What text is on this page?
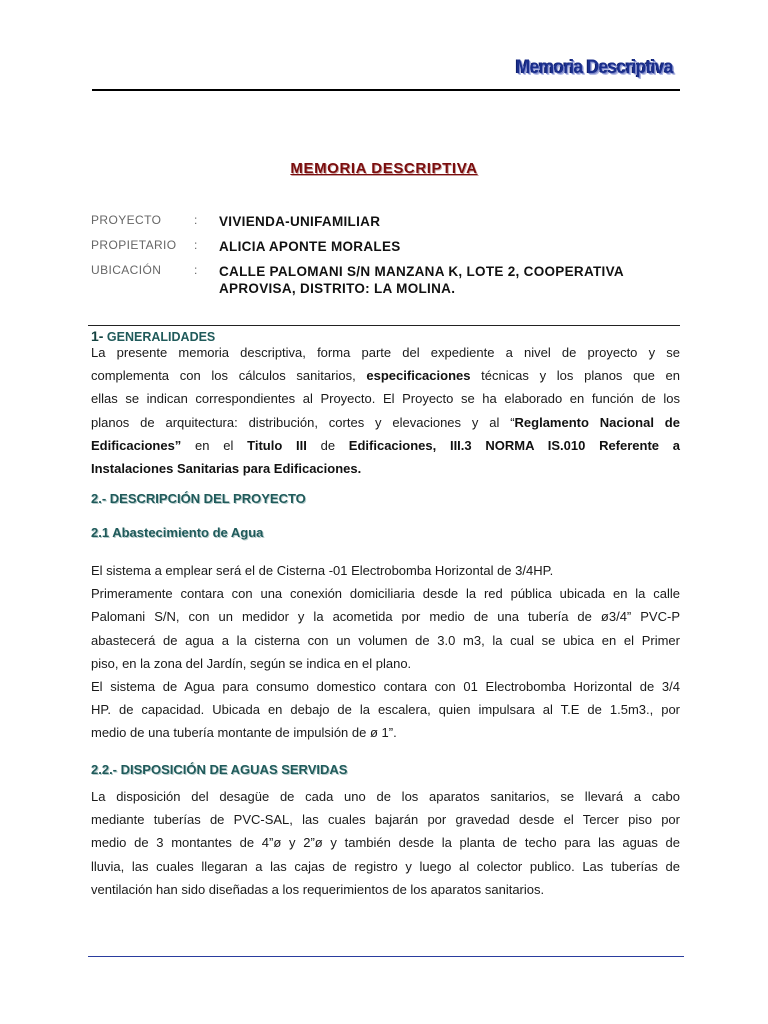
Memoria Descriptiva
MEMORIA DESCRIPTIVA
PROYECTO	:	VIVIENDA-UNIFAMILIAR
PROPIETARIO	:	ALICIA APONTE MORALES
UBICACIÓN	:	CALLE PALOMANI S/N MANZANA K, LOTE 2, COOPERATIVA
APROVISA, DISTRITO: LA MOLINA.
1- GENERALIDADES
La presente memoria descriptiva, forma parte del expediente a nivel de proyecto y se
complementa con los cálculos sanitarios, especificaciones técnicas y los planos que en
ellas se indican correspondientes al Proyecto. El Proyecto se ha elaborado en función de los
planos de arquitectura: distribución, cortes y elevaciones y al “Reglamento Nacional de
Edificaciones” en el Titulo III de Edificaciones, III.3 NORMA IS.010 Referente a
Instalaciones Sanitarias para Edificaciones.
2.- DESCRIPCIÓN DEL PROYECTO
2.1 Abastecimiento de Agua
El sistema a emplear será el de Cisterna -01 Electrobomba Horizontal de 3/4HP.
Primeramente contara con una conexión domiciliaria desde la red pública ubicada en la calle
Palomani S/N, con un medidor y la acometida por medio de una tubería de ø3/4” PVC-P
abastecerá de agua a la cisterna con un volumen de 3.0 m3, la cual se ubica en el Primer
piso, en la zona del Jardín, según se indica en el plano.
El sistema de Agua para consumo domestico contara con 01 Electrobomba Horizontal de 3/4
HP. de capacidad. Ubicada en debajo de la escalera, quien impulsara al T.E de 1.5m3., por
medio de una tubería montante de impulsión de ø 1”.
2.2.- DISPOSICIÓN DE AGUAS SERVIDAS
La disposición del desagüe de cada uno de los aparatos sanitarios, se llevará a cabo
mediante tuberías de PVC-SAL, las cuales bajarán por gravedad desde el Tercer piso por
medio de 3 montantes de 4”ø y 2”ø y también desde la planta de techo para las aguas de
lluvia, las cuales llegaran a las cajas de registro y luego al colector publico. Las tuberías de
ventilación han sido diseñadas a los requerimientos de los aparatos sanitarios.
